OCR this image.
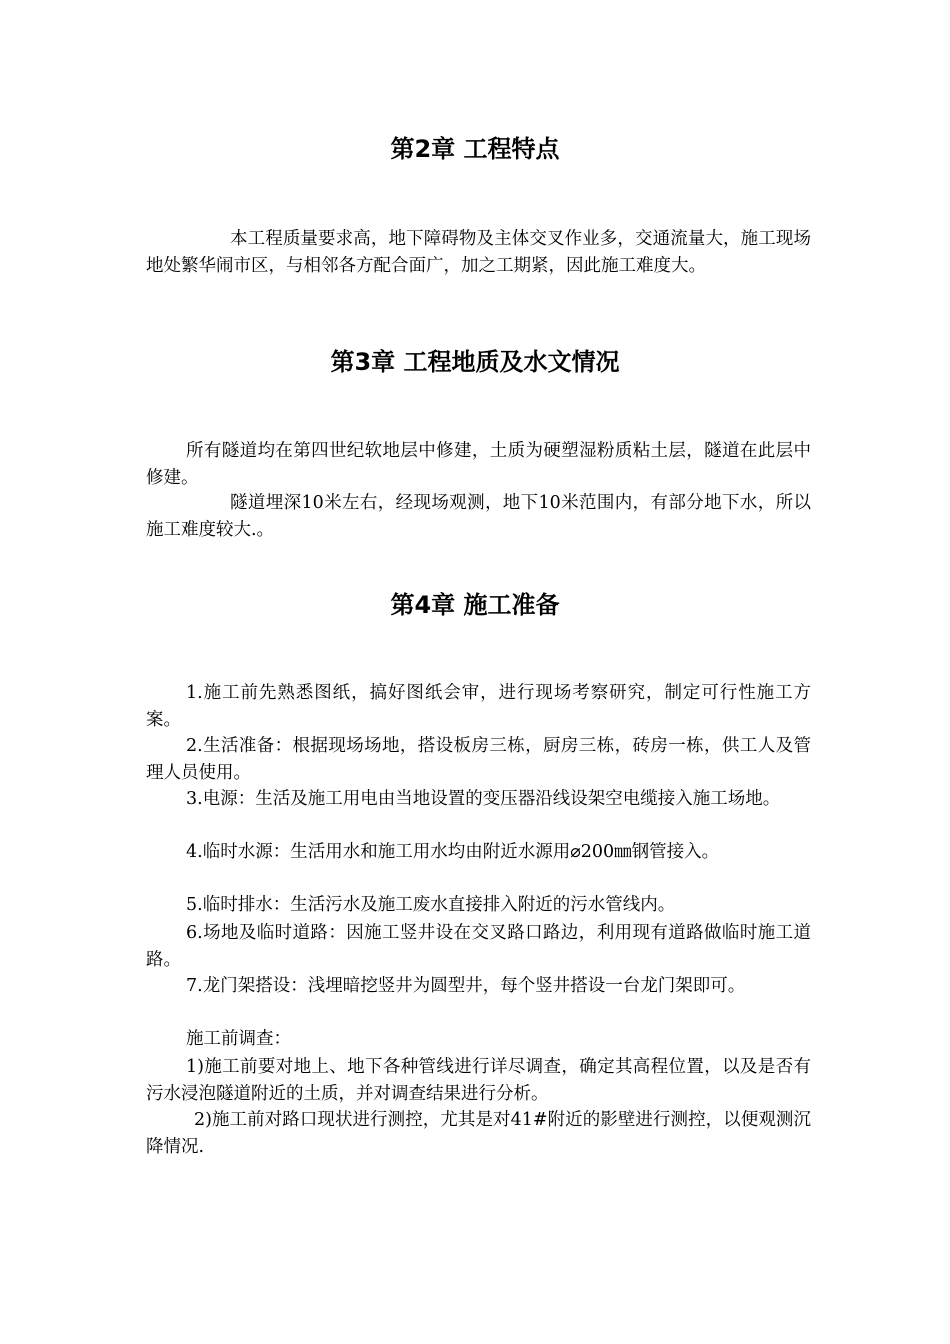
第2章 工程特点

本工程质量要求高，地下障碍物及主体交叉作业多，交通流量大，施工现场地处繁华闹市区，与相邻各方配合面广，加之工期紧，因此施工难度大。

第3章 工程地质及水文情况

所有隧道均在第四世纪软地层中修建，土质为硬塑湿粉质粘土层，隧道在此层中修建。

隧道埋深10米左右，经现场观测，地下10米范围内，有部分地下水，所以施工难度较大.。

第4章 施工准备

1.施工前先熟悉图纸，搞好图纸会审，进行现场考察研究，制定可行性施工方案。

2.生活准备：根据现场场地，搭设板房三栋，厨房三栋，砖房一栋，供工人及管理人员使用。

3.电源：生活及施工用电由当地设置的变压器沿线设架空电缆接入施工场地。

4.临时水源：生活用水和施工用水均由附近水源用⌀200㎜钢管接入。

5.临时排水：生活污水及施工废水直接排入附近的污水管线内。

6.场地及临时道路：因施工竖井设在交叉路口路边，利用现有道路做临时施工道路。

7.龙门架搭设：浅埋暗挖竖井为圆型井，每个竖井搭设一台龙门架即可。

施工前调查：

1)施工前要对地上、地下各种管线进行详尽调查，确定其高程位置，以及是否有污水浸泡隧道附近的土质，并对调查结果进行分析。

2)施工前对路口现状进行测控，尤其是对41#附近的影壁进行测控，以便观测沉降情况.
